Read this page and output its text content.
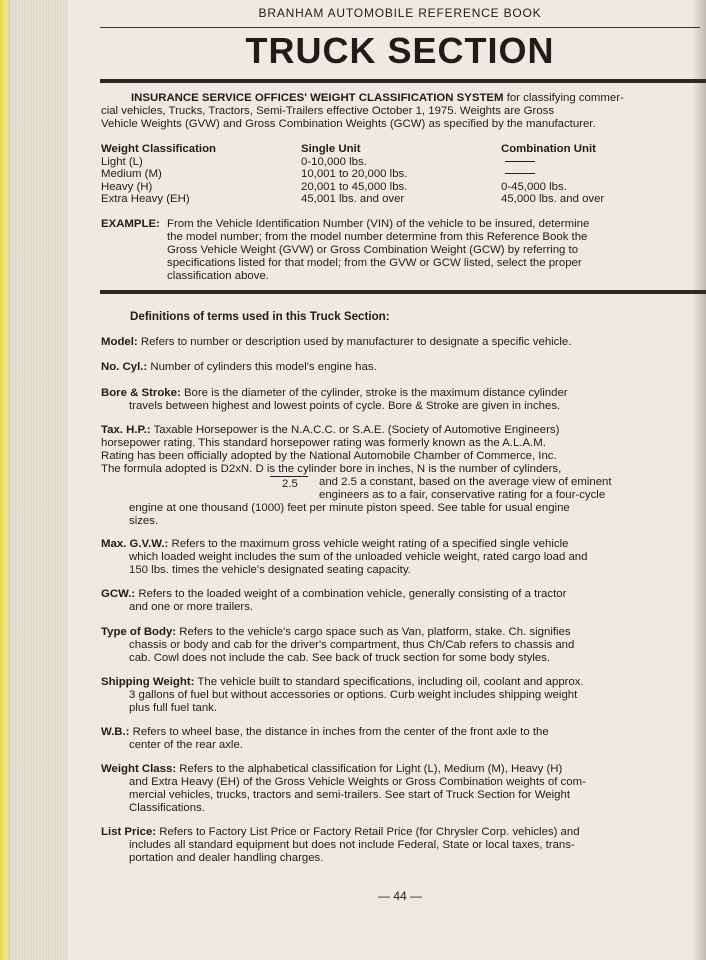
BRANHAM AUTOMOBILE REFERENCE BOOK
TRUCK SECTION
INSURANCE SERVICE OFFICES' WEIGHT CLASSIFICATION SYSTEM for classifying commer-
cial vehicles, Trucks, Tractors, Semi-Trailers effective October 1, 1975. Weights are Gross
Vehicle Weights (GVW) and Gross Combination Weights (GCW) as specified by the manufacturer.
Weight Classification
Light (L)
Medium (M)
Heavy (H)
Extra Heavy (EH)
Single Unit
0-10,000 lbs.
10,001 to 20,000 lbs.
20,001 to 45,000 lbs.
45,001 lbs. and over
Combination Unit
0-45,000 lbs.
45,000 lbs. and over
EXAMPLE: From the Vehicle Identification Number (VIN) of the vehicle to be insured, determine
the model number; from the model number determine from this Reference Book the
Gross Vehicle Weight (GVW) or Gross Combination Weight (GCW) by referring to
specifications listed for that model; from the GVW or GCW listed, select the proper
classification above.
Definitions of terms used in this Truck Section:
Model: Refers to number or description used by manufacturer to designate a specific vehicle.
No. Cyl.: Number of cylinders this model's engine has.
Bore & Stroke: Bore is the diameter of the cylinder, stroke is the maximum distance cylinder
travels between highest and lowest points of cycle. Bore & Stroke are given in inches.
Tax. H.P.: Taxable Horsepower is the N.A.C.C. or S.A.E. (Society of Automotive Engineers)
horsepower rating. This standard horsepower rating was formerly known as the A.L.A.M.
Rating has been officially adopted by the National Automobile Chamber of Commerce, Inc.
The formula adopted is D2xN. D is the cylinder bore in inches, N is the number of cylinders,
and 2.5 a constant, based on the average view of eminent
engineers as to a fair, conservative rating for a four-cycle
engine at one thousand (1000) feet per minute piston speed. See table for usual engine
sizes.
2.5
Max. G.V.W.: Refers to the maximum gross vehicle weight rating of a specified single vehicle
which loaded weight includes the sum of the unloaded vehicle weight, rated cargo load and
150 lbs. times the vehicle's designated seating capacity.
GCW.: Refers to the loaded weight of a combination vehicle, generally consisting of a tractor
and one or more trailers.
Type of Body: Refers to the vehicle's cargo space such as Van, platform, stake. Ch. signifies
chassis or body and cab for the driver's compartment, thus Ch/Cab refers to chassis and
cab. Cowl does not include the cab. See back of truck section for some body styles.
Shipping Weight: The vehicle built to standard specifications, including oil, coolant and approx.
3 gallons of fuel but without accessories or options. Curb weight includes shipping weight
plus full fuel tank.
W.B.: Refers to wheel base, the distance in inches from the center of the front axle to the
center of the rear axle.
Weight Class: Refers to the alphabetical classification for Light (L), Medium (M), Heavy (H)
and Extra Heavy (EH) of the Gross Vehicle Weights or Gross Combination weights of com-
mercial vehicles, trucks, tractors and semi-trailers. See start of Truck Section for Weight
Classifications.
List Price: Refers to Factory List Price or Factory Retail Price (for Chrysler Corp. vehicles) and
includes all standard equipment but does not include Federal, State or local taxes, trans-
portation and dealer handling charges.
— 44 —
